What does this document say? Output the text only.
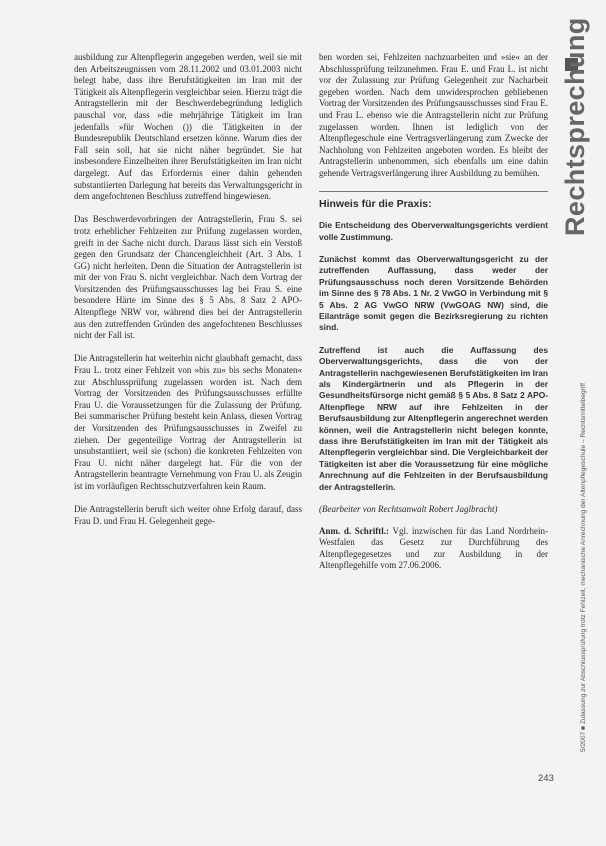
ausbildung zur Altenpflegerin angegeben werden, weil sie mit den Arbeitszeugnissen vom 28.11.2002 und 03.01.2003 nicht belegt habe, dass ihre Berufstätigkeiten im Iran mit der Tätigkeit als Altenpflegerin vergleichbar seien. Hierzu trägt die Antragstellerin mit der Beschwerdebegründung lediglich pauschal vor, dass »die mehrjährige Tätigkeit im Iran jedenfalls »für Wochen ()) die Tätigkeiten in der Bundesrepublik Deutschland ersetzen könne. Warum dies der Fall sein soll, hat sie nicht näher begründet. Sie hat insbesondere Einzelheiten ihrer Berufstätigkeiten im Iran nicht dargelegt. Auf das Erfordernis einer dahin gehenden substantiierten Darlegung hat bereits das Verwaltungsgericht in dem angefochtenen Beschluss zutreffend hingewiesen.

Das Beschwerdevorbringen der Antragstellerin, Frau S. sei trotz erheblicher Fehlzeiten zur Prüfung zugelassen worden, greift in der Sache nicht durch. Daraus lässt sich ein Verstoß gegen den Grundsatz der Chancengleichheit (Art. 3 Abs. 1 GG) nicht herleiten. Denn die Situation der Antragstellerin ist mit der von Frau S. nicht vergleichbar. Nach dem Vortrag der Vorsitzenden des Prüfungsausschusses lag bei Frau S. eine besondere Härte im Sinne des § 5 Abs. 8 Satz 2 APO-Altenpflege NRW vor, während dies bei der Antragstellerin aus den zutreffenden Gründen des angefochtenen Beschlusses nicht der Fall ist.

Die Antragstellerin hat weiterhin nicht glaubhaft gemacht, dass Frau L. trotz einer Fehlzeit von »bis zu« bis sechs Monaten« zur Abschlussprüfung zugelassen worden ist. Nach dem Vortrag der Vorsitzenden des Prüfungsausschusses erfüllte Frau U. die Voraussetzungen für die Zulassung der Prüfung. Bei summarischer Prüfung besteht kein Anlass, diesen Vortrag der Vorsitzenden des Prüfungsausschusses in Zweifel zu ziehen. Der gegenteilige Vortrag der Antragstellerin ist unsubstantiiert, weil sie (schon) die konkreten Fehlzeiten von Frau U. nicht näher dargelegt hat. Für die von der Antragstellerin beantragte Vernehmung von Frau U. als Zeugin ist im vorläufigen Rechtsschutzverfahren kein Raum.

Die Antragstellerin beruft sich weiter ohne Erfolg darauf, dass Frau D. und Frau H. Gelegenheit gege-

ben worden sei, Fehlzeiten nachzuarbeiten und »sie« an der Abschlussprüfung teilzunehmen. Frau E. und Frau L. ist nicht vor der Zulassung zur Prüfung Gelegenheit zur Nacharbeit gegeben worden. Nach dem unwidersprochen gebliebenen Vortrag der Vorsitzenden des Prüfungsausschusses sind Frau E. und Frau L. ebenso wie die Antragstellerin nicht zur Prüfung zugelassen worden. Ihnen ist lediglich von der Altenpflegeschule eine Vertragsverlängerung zum Zwecke der Nachholung von Fehlzeiten angeboten worden. Es bleibt der Antragstellerin unbenommen, sich ebenfalls um eine dahin gehende Vertragsverlängerung ihrer Ausbildung zu bemühen.

Hinweis für die Praxis:

Die Entscheidung des Oberverwaltungsgerichts verdient volle Zustimmung.

Zunächst kommt das Oberverwaltungsgericht zu der zutreffenden Auffassung, dass weder der Prüfungsausschuss noch deren Vorsitzende Behörden im Sinne des § 78 Abs. 1 Nr. 2 VwGO in Verbindung mit § 5 Abs. 2 AG VwGO NRW (VwGOAG NW) sind, die Eilanträge somit gegen die Bezirksregierung zu richten sind.

Zutreffend ist auch die Auffassung des Oberverwaltungsgerichts, dass die von der Antragstellerin nachgewiesenen Berufstätigkeiten im Iran als Kindergärtnerin und als Pflegerin in der Gesundheitsfürsorge nicht gemäß § 5 Abs. 8 Satz 2 APO-Altenpflege NRW auf ihre Fehlzeiten in der Berufsausbildung zur Altenpflegerin angerechnet werden können, weil die Antragstellerin nicht belegen konnte, dass ihre Berufstätigkeiten im Iran mit der Tätigkeit als Altenpflegerin vergleichbar sind. Die Vergleichbarkeit der Tätigkeiten ist aber die Voraussetzung für eine mögliche Anrechnung auf die Fehlzeiten in der Berufsausbildung der Antragstellerin.

(Bearbeiter von Rechtsanwalt Robert Jaglbracht)

Anm. d. Schriftl.: Vgl. inzwischen für das Land Nordrhein-Westfalen das Gesetz zur Durchführung des Altenpflegegesetzes und zur Ausbildung in der Altenpflegehilfe vom 27.06.2006.

Rechtsprechung
5/2007 ■ Zulassung zur Abschlussprüfung trotz Fehlzeit, mechanische Anrechnung der Altenpflegeschule – Rechtsmittelbegriff
243
